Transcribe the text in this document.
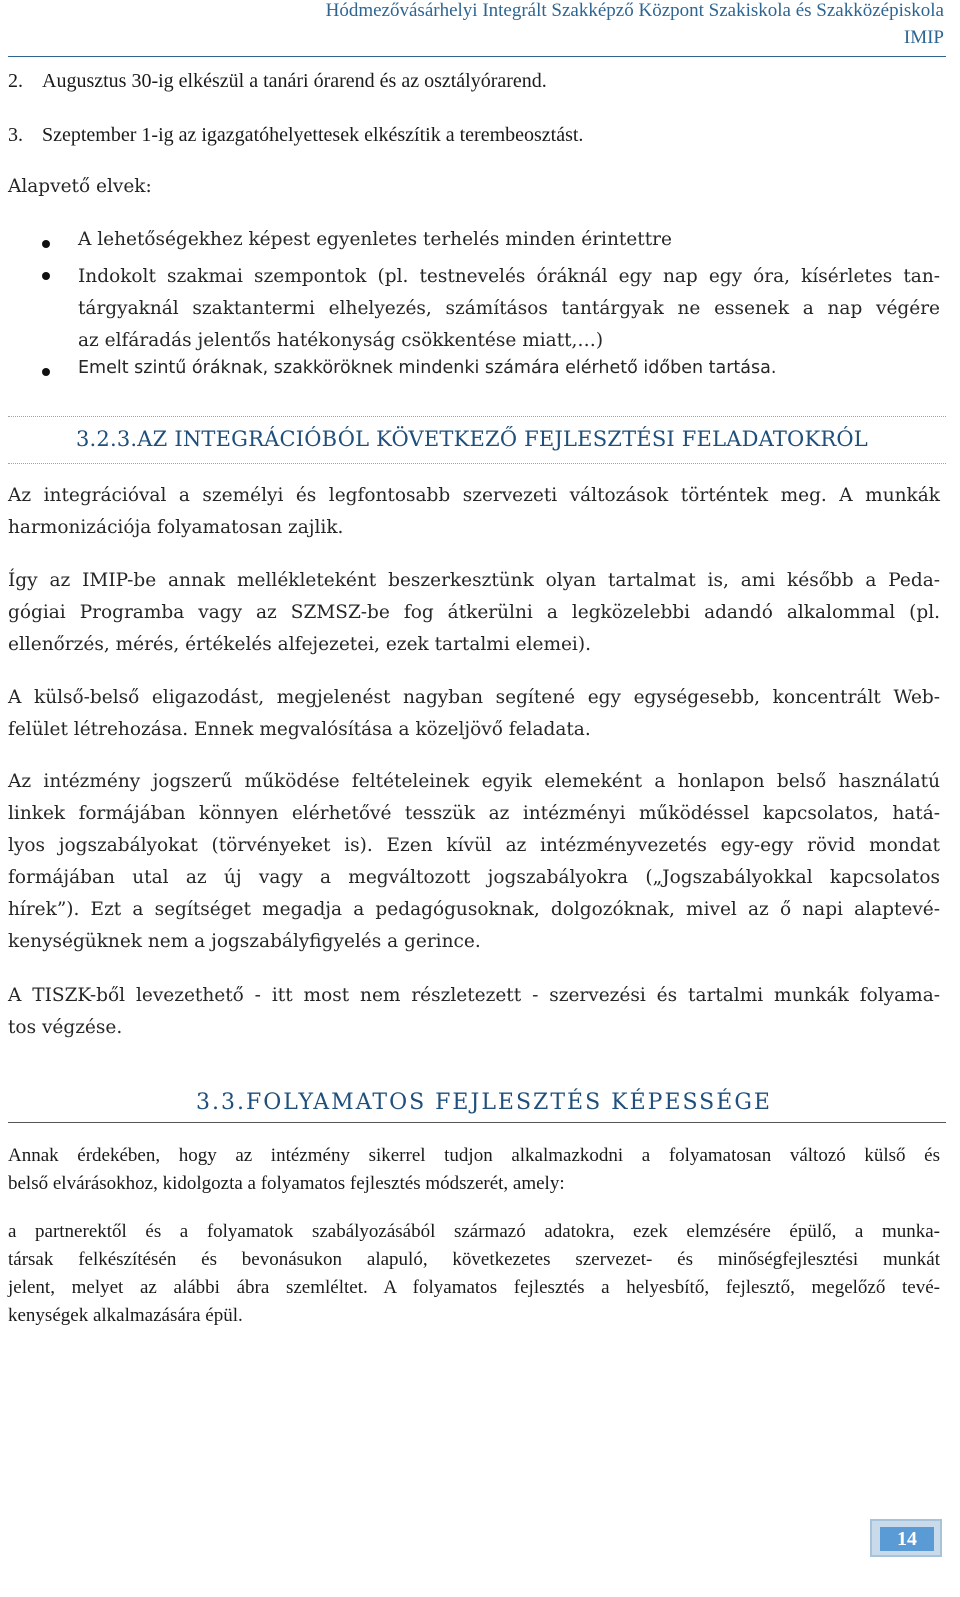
Hódmezővásárhelyi Integrált Szakképző Központ Szakiskola és Szakközépiskola
IMIP
2. Augusztus 30-ig elkészül a tanári órarend és az osztályórarend.
3. Szeptember 1-ig az igazgatóhelyettesek elkészítik a terembeosztást.
Alapvető elvek:
A lehetőségekhez képest egyenletes terhelés minden érintettre
Indokolt szakmai szempontok (pl. testnevelés óráknál egy nap egy óra, kísérletes tan-
tárgyaknál szaktantermi elhelyezés, számításos tantárgyak ne essenek a nap végére
az elfáradás jelentős hatékonyság csökkentése miatt,…)
Emelt szintű óráknak, szakköröknek mindenki számára elérhető időben tartása.
3.2.3.AZ INTEGRÁCIÓBÓL KÖVETKEZŐ FEJLESZTÉSI FELADATOKRÓL
Az integrációval a személyi és legfontosabb szervezeti változások történtek meg. A munkák
harmonizációja folyamatosan zajlik.
Így az IMIP-be annak mellékleteként beszerkesztünk olyan tartalmat is, ami később a Peda-
gógiai Programba vagy az SZMSZ-be fog átkerülni a legközelebbi adandó alkalommal (pl.
ellenőrzés, mérés, értékelés alfejezetei, ezek tartalmi elemei).
A külső-belső eligazodást, megjelenést nagyban segítené egy egységesebb, koncentrált Web-
felület létrehozása. Ennek megvalósítása a közeljövő feladata.
Az intézmény jogszerű működése feltételeinek egyik elemeként a honlapon belső használatú
linkek formájában könnyen elérhetővé tesszük az intézményi működéssel kapcsolatos, hatá-
lyos jogszabályokat (törvényeket is). Ezen kívül az intézményvezetés egy-egy rövid mondat
formájában utal az új vagy a megváltozott jogszabályokra („Jogszabályokkal kapcsolatos
hírek”). Ezt a segítséget megadja a pedagógusoknak, dolgozóknak, mivel az ő napi alaptevé-
kenységüknek nem a jogszabályfigyelés a gerince.
A TISZK-ből levezethető - itt most nem részletezett - szervezési és tartalmi munkák folyama-
tos végzése.
3.3.FOLYAMATOS FEJLESZTÉS KÉPESSÉGE
Annak érdekében, hogy az intézmény sikerrel tudjon alkalmazkodni a folyamatosan változó külső és
belső elvárásokhoz, kidolgozta a folyamatos fejlesztés módszerét, amely:
a partnerektől és a folyamatok szabályozásából származó adatokra, ezek elemzésére épülő, a munka-
társak felkészítésén és bevonásukon alapuló, következetes szervezet- és minőségfejlesztési munkát
jelent, melyet az alábbi ábra szemléltet. A folyamatos fejlesztés a helyesbítő, fejlesztő, megelőző tevé-
kenységek alkalmazására épül.
14
